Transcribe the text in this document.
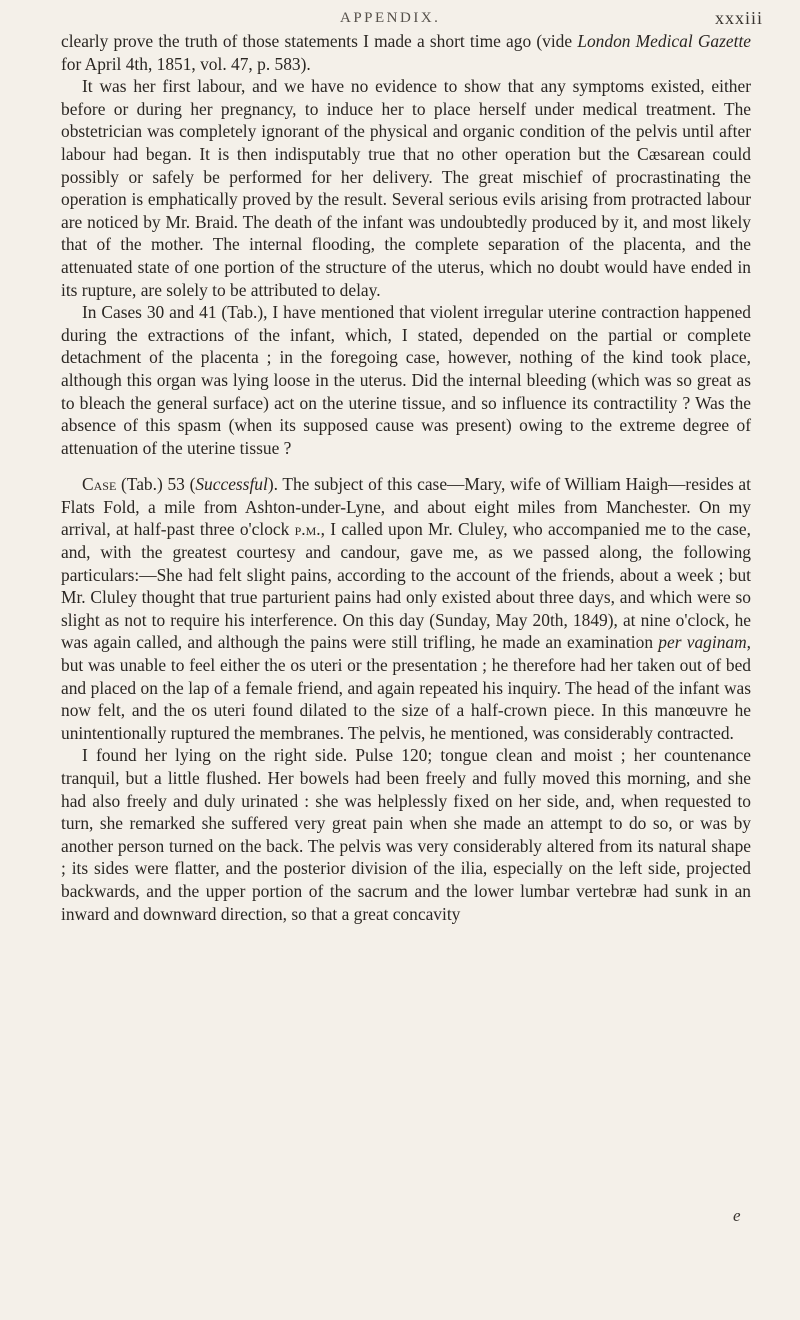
APPENDIX.	xxxiii

clearly prove the truth of those statements I made a short time ago (vide London Medical Gazette for April 4th, 1851, vol. 47, p. 583).

It was her first labour, and we have no evidence to show that any symptoms existed, either before or during her pregnancy, to induce her to place herself under medical treatment. The obstetrician was completely ignorant of the physical and organic condition of the pelvis until after labour had began. It is then indisputably true that no other operation but the Cæsarean could possibly or safely be performed for her delivery. The great mischief of procrastinating the operation is emphatically proved by the result. Several serious evils arising from protracted labour are noticed by Mr. Braid. The death of the infant was undoubtedly produced by it, and most likely that of the mother. The internal flooding, the complete separation of the placenta, and the attenuated state of one portion of the structure of the uterus, which no doubt would have ended in its rupture, are solely to be attributed to delay.

In Cases 30 and 41 (Tab.), I have mentioned that violent irregular uterine contraction happened during the extractions of the infant, which, I stated, depended on the partial or complete detachment of the placenta ; in the foregoing case, however, nothing of the kind took place, although this organ was lying loose in the uterus. Did the internal bleeding (which was so great as to bleach the general surface) act on the uterine tissue, and so influence its contractility ? Was the absence of this spasm (when its supposed cause was present) owing to the extreme degree of attenuation of the uterine tissue ?

Case (Tab.) 53 (Successful). The subject of this case—Mary, wife of William Haigh—resides at Flats Fold, a mile from Ashton-under-Lyne, and about eight miles from Manchester. On my arrival, at half-past three o'clock p.m., I called upon Mr. Cluley, who accompanied me to the case, and, with the greatest courtesy and candour, gave me, as we passed along, the following particulars:—She had felt slight pains, according to the account of the friends, about a week ; but Mr. Cluley thought that true parturient pains had only existed about three days, and which were so slight as not to require his interference. On this day (Sunday, May 20th, 1849), at nine o'clock, he was again called, and although the pains were still trifling, he made an examination per vaginam, but was unable to feel either the os uteri or the presentation ; he therefore had her taken out of bed and placed on the lap of a female friend, and again repeated his inquiry. The head of the infant was now felt, and the os uteri found dilated to the size of a half-crown piece. In this manœuvre he unintentionally ruptured the membranes. The pelvis, he mentioned, was considerably contracted.

I found her lying on the right side. Pulse 120; tongue clean and moist ; her countenance tranquil, but a little flushed. Her bowels had been freely and fully moved this morning, and she had also freely and duly urinated : she was helplessly fixed on her side, and, when requested to turn, she remarked she suffered very great pain when she made an attempt to do so, or was by another person turned on the back. The pelvis was very considerably altered from its natural shape ; its sides were flatter, and the posterior division of the ilia, especially on the left side, projected backwards, and the upper portion of the sacrum and the lower lumbar vertebræ had sunk in an inward and downward direction, so that a great concavity

e
